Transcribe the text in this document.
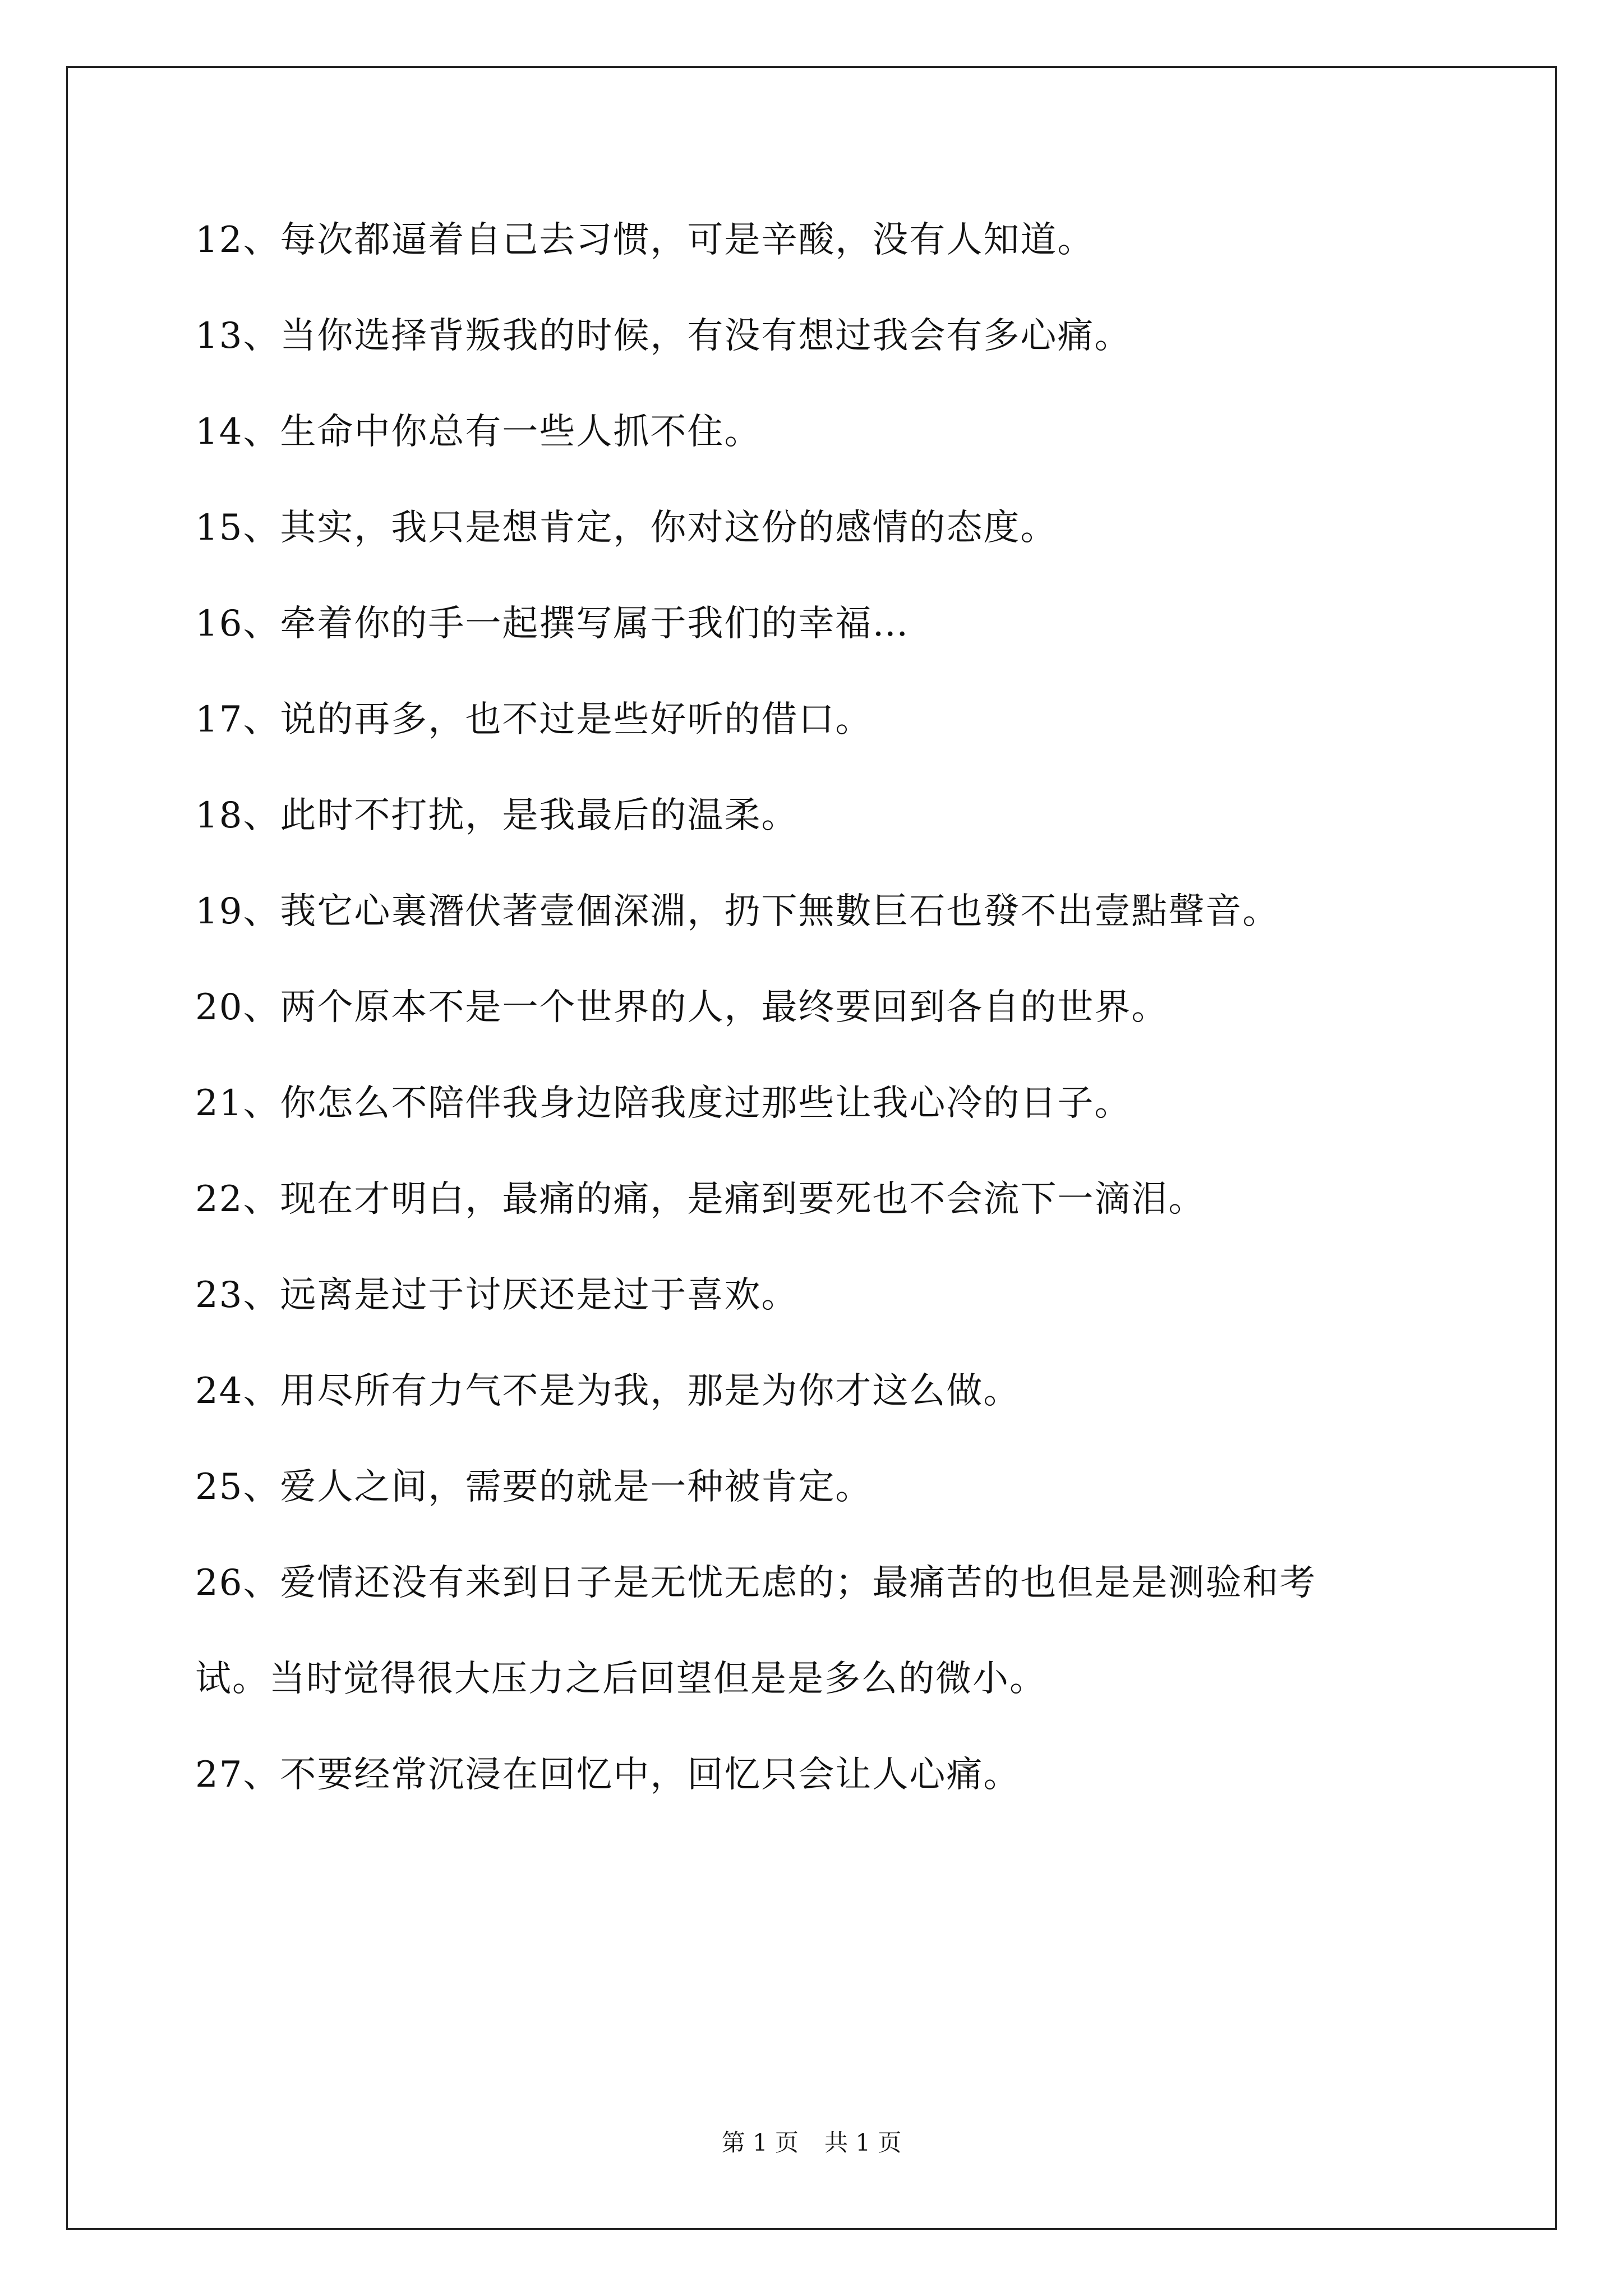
12、每次都逼着自己去习惯，可是辛酸，没有人知道。
13、当你选择背叛我的时候，有没有想过我会有多心痛。
14、生命中你总有一些人抓不住。
15、其实，我只是想肯定，你对这份的感情的态度。
16、牵着你的手一起撰写属于我们的幸福…
17、说的再多，也不过是些好听的借口。
18、此时不打扰，是我最后的温柔。
19、莪它心裏潛伏著壹個深淵，扔下無數巨石也發不出壹點聲音。
20、两个原本不是一个世界的人，最终要回到各自的世界。
21、你怎么不陪伴我身边陪我度过那些让我心冷的日子。
22、现在才明白，最痛的痛，是痛到要死也不会流下一滴泪。
23、远离是过于讨厌还是过于喜欢。
24、用尽所有力气不是为我，那是为你才这么做。
25、爱人之间，需要的就是一种被肯定。
26、爱情还没有来到日子是无忧无虑的；最痛苦的也但是是测验和考
试。当时觉得很大压力之后回望但是是多么的微小。
27、不要经常沉浸在回忆中，回忆只会让人心痛。
第 1 页 共 1 页
